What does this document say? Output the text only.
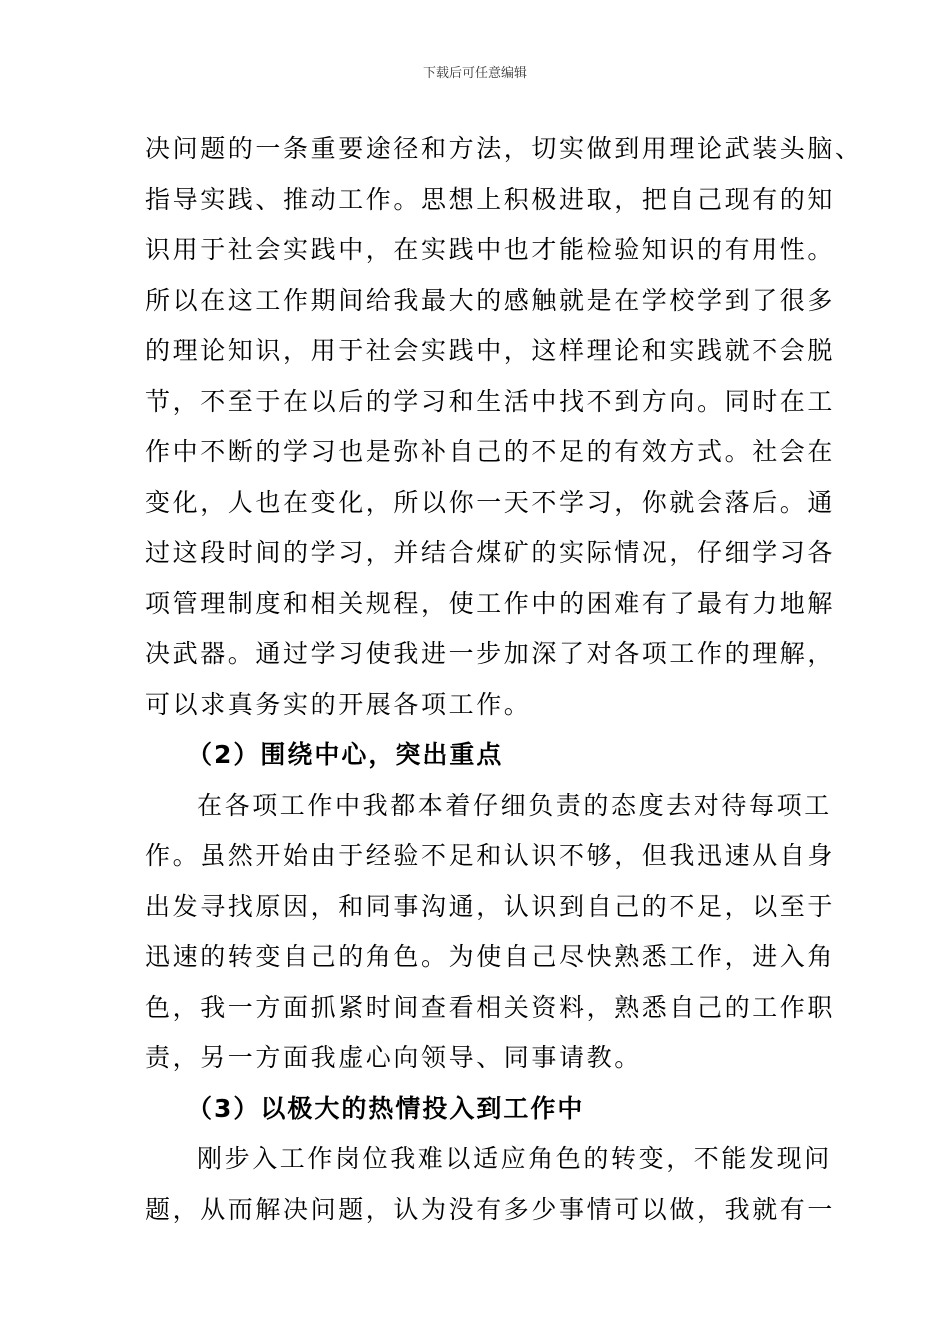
下载后可任意编辑
决问题的一条重要途径和方法，切实做到用理论武装头脑、
指导实践、推动工作。思想上积极进取，把自己现有的知
识用于社会实践中，在实践中也才能检验知识的有用性。
所以在这工作期间给我最大的感触就是在学校学到了很多
的理论知识，用于社会实践中，这样理论和实践就不会脱
节，不至于在以后的学习和生活中找不到方向。同时在工
作中不断的学习也是弥补自己的不足的有效方式。社会在
变化，人也在变化，所以你一天不学习，你就会落后。通
过这段时间的学习，并结合煤矿的实际情况，仔细学习各
项管理制度和相关规程，使工作中的困难有了最有力地解
决武器。通过学习使我进一步加深了对各项工作的理解，
可以求真务实的开展各项工作。
（2）围绕中心，突出重点
在各项工作中我都本着仔细负责的态度去对待每项工
作。虽然开始由于经验不足和认识不够，但我迅速从自身
出发寻找原因，和同事沟通，认识到自己的不足，以至于
迅速的转变自己的角色。为使自己尽快熟悉工作，进入角
色，我一方面抓紧时间查看相关资料，熟悉自己的工作职
责，另一方面我虚心向领导、同事请教。
（3）以极大的热情投入到工作中
刚步入工作岗位我难以适应角色的转变，不能发现问
题，从而解决问题，认为没有多少事情可以做，我就有一
